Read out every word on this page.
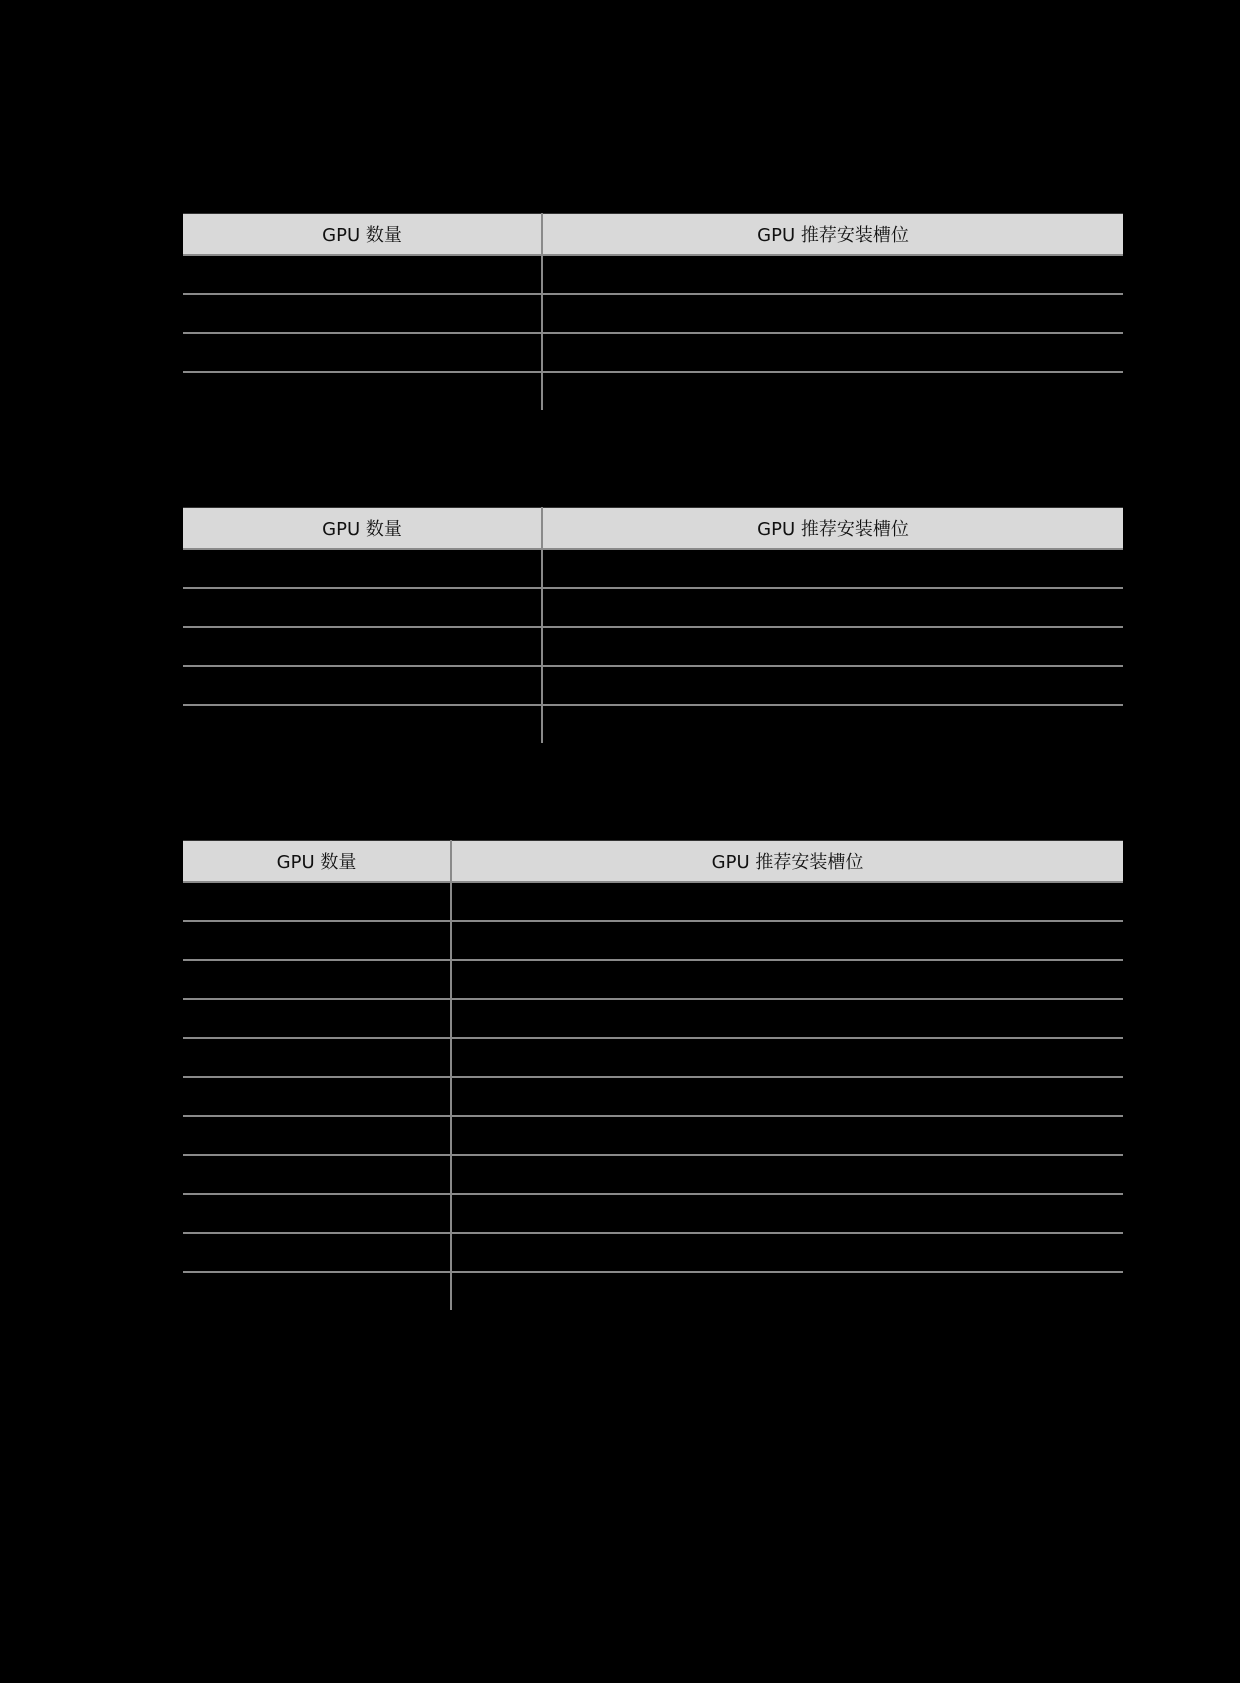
GPU 数量	GPU 推荐安装槽位

GPU 数量	GPU 推荐安装槽位

GPU 数量	GPU 推荐安装槽位
